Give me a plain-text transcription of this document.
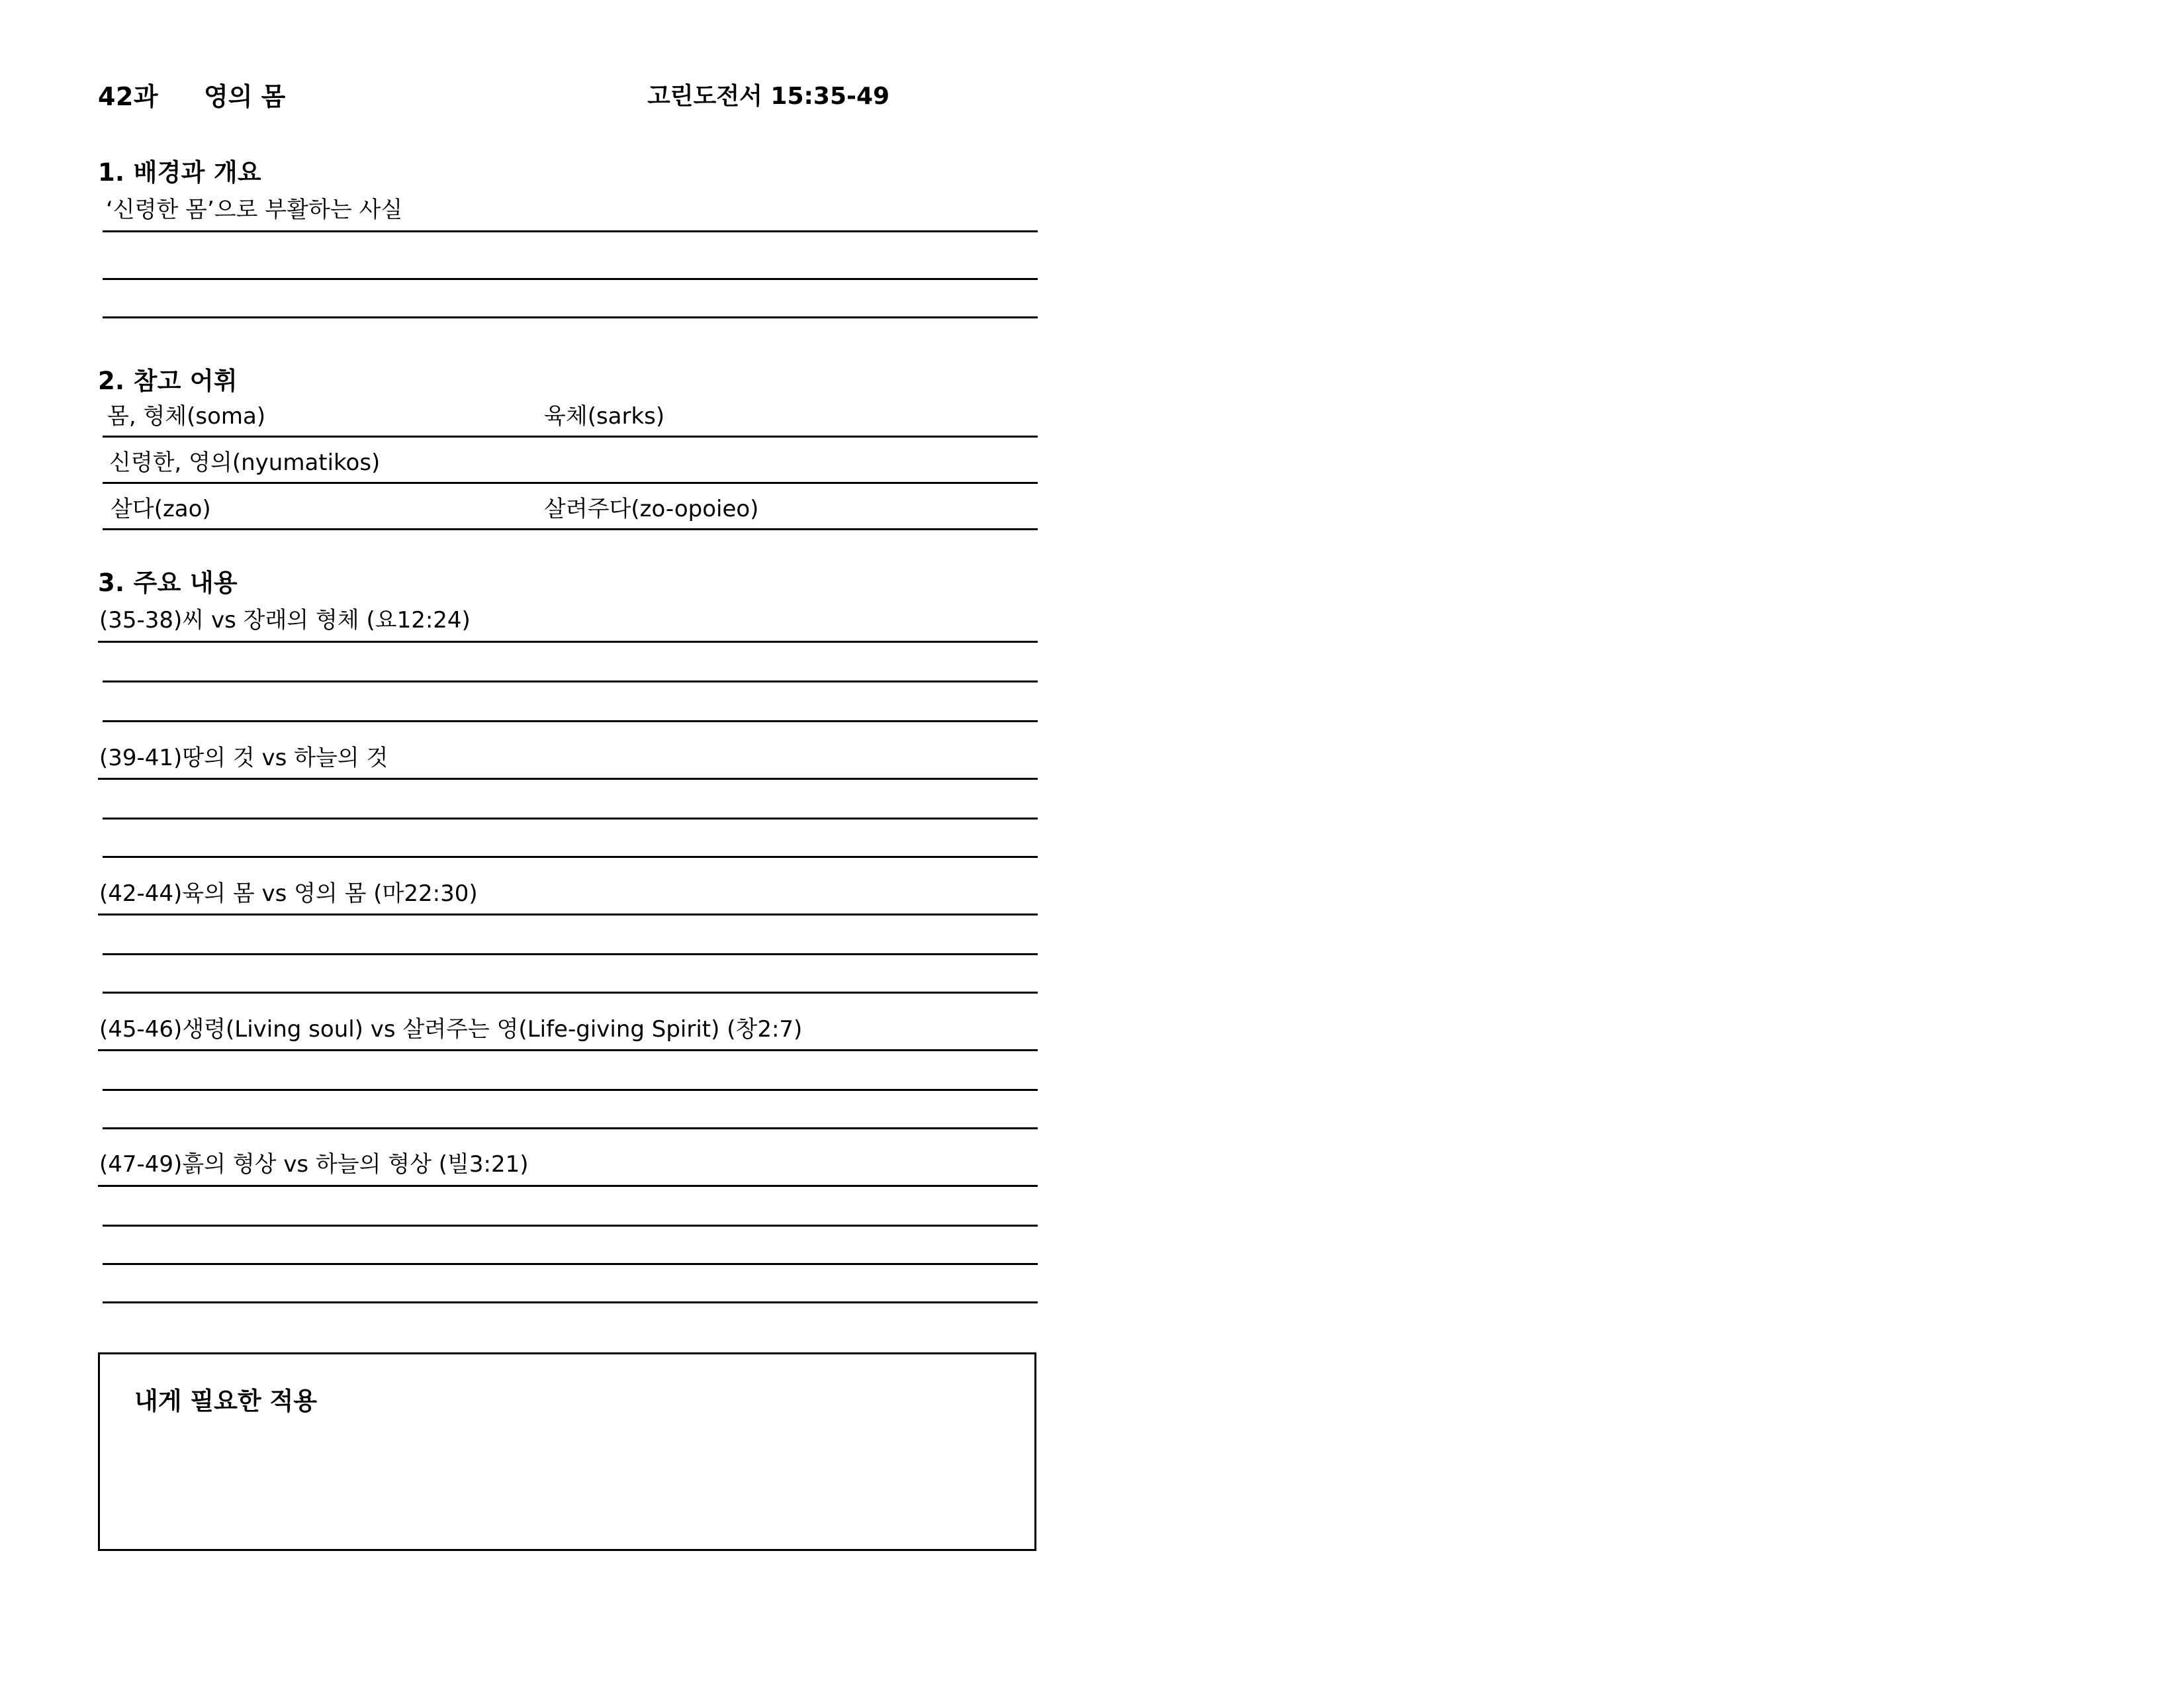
42과 영의 몸	고린도전서 15:35-49
1. 배경과 개요
‘신령한 몸’으로 부활하는 사실
2. 참고 어휘
몸, 형체(soma)	육체(sarks)
신령한, 영의(nyumatikos)
살다(zao)	살려주다(zo-opoieo)
3. 주요 내용
(35-38)씨 vs 장래의 형체 (요12:24)
(39-41)땅의 것 vs 하늘의 것
(42-44)육의 몸 vs 영의 몸 (마22:30)
(45-46)생령(Living soul) vs 살려주는 영(Life-giving Spirit) (창2:7)
(47-49)흙의 형상 vs 하늘의 형상 (빌3:21)
내게 필요한 적용
